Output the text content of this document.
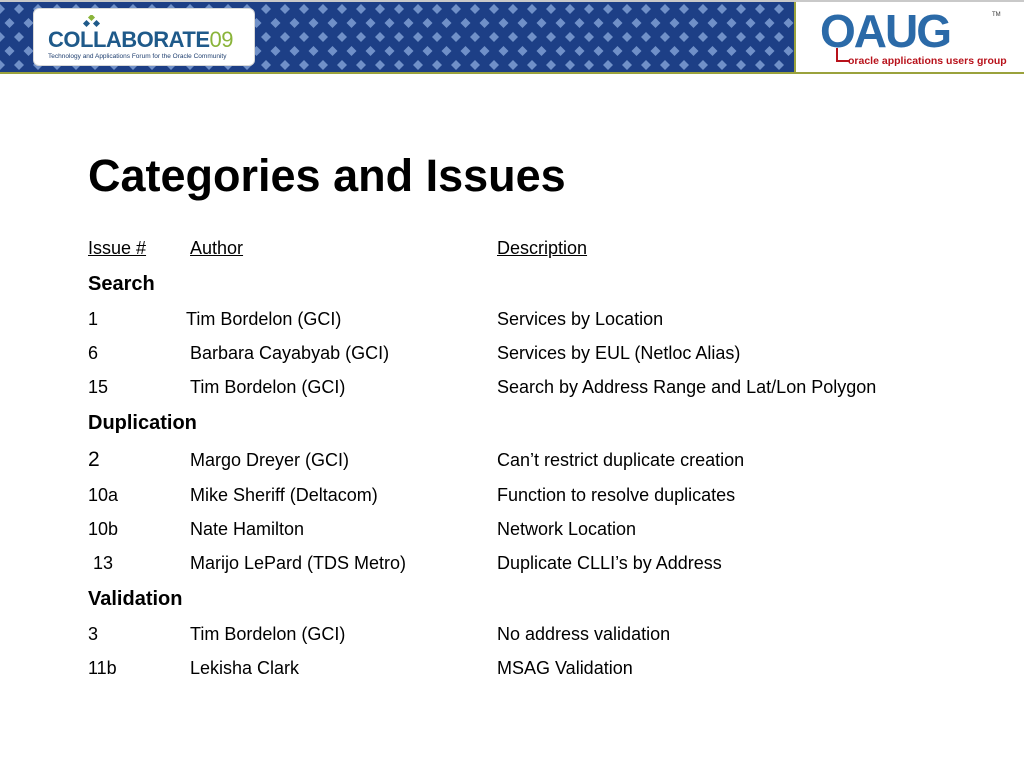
COLLABORATE09
Technology and Applications Forum for the Oracle Community	OAUG	TM
oracle applications users group
Categories and Issues
Issue # Author	Description
Search
1	Tim Bordelon (GCI)	Services by Location
6	Barbara Cayabyab (GCI)	Services by EUL (Netloc Alias)
15	Tim Bordelon (GCI)	Search by Address Range and Lat/Lon Polygon
Duplication
2	Margo Dreyer (GCI)	Can’t restrict duplicate creation
10a	Mike Sheriff (Deltacom)	Function to resolve duplicates
10b	Nate Hamilton	Network Location
13	Marijo LePard (TDS Metro)	Duplicate CLLI’s by Address
Validation
3	Tim Bordelon (GCI)	No address validation
11b	Lekisha Clark	MSAG Validation
